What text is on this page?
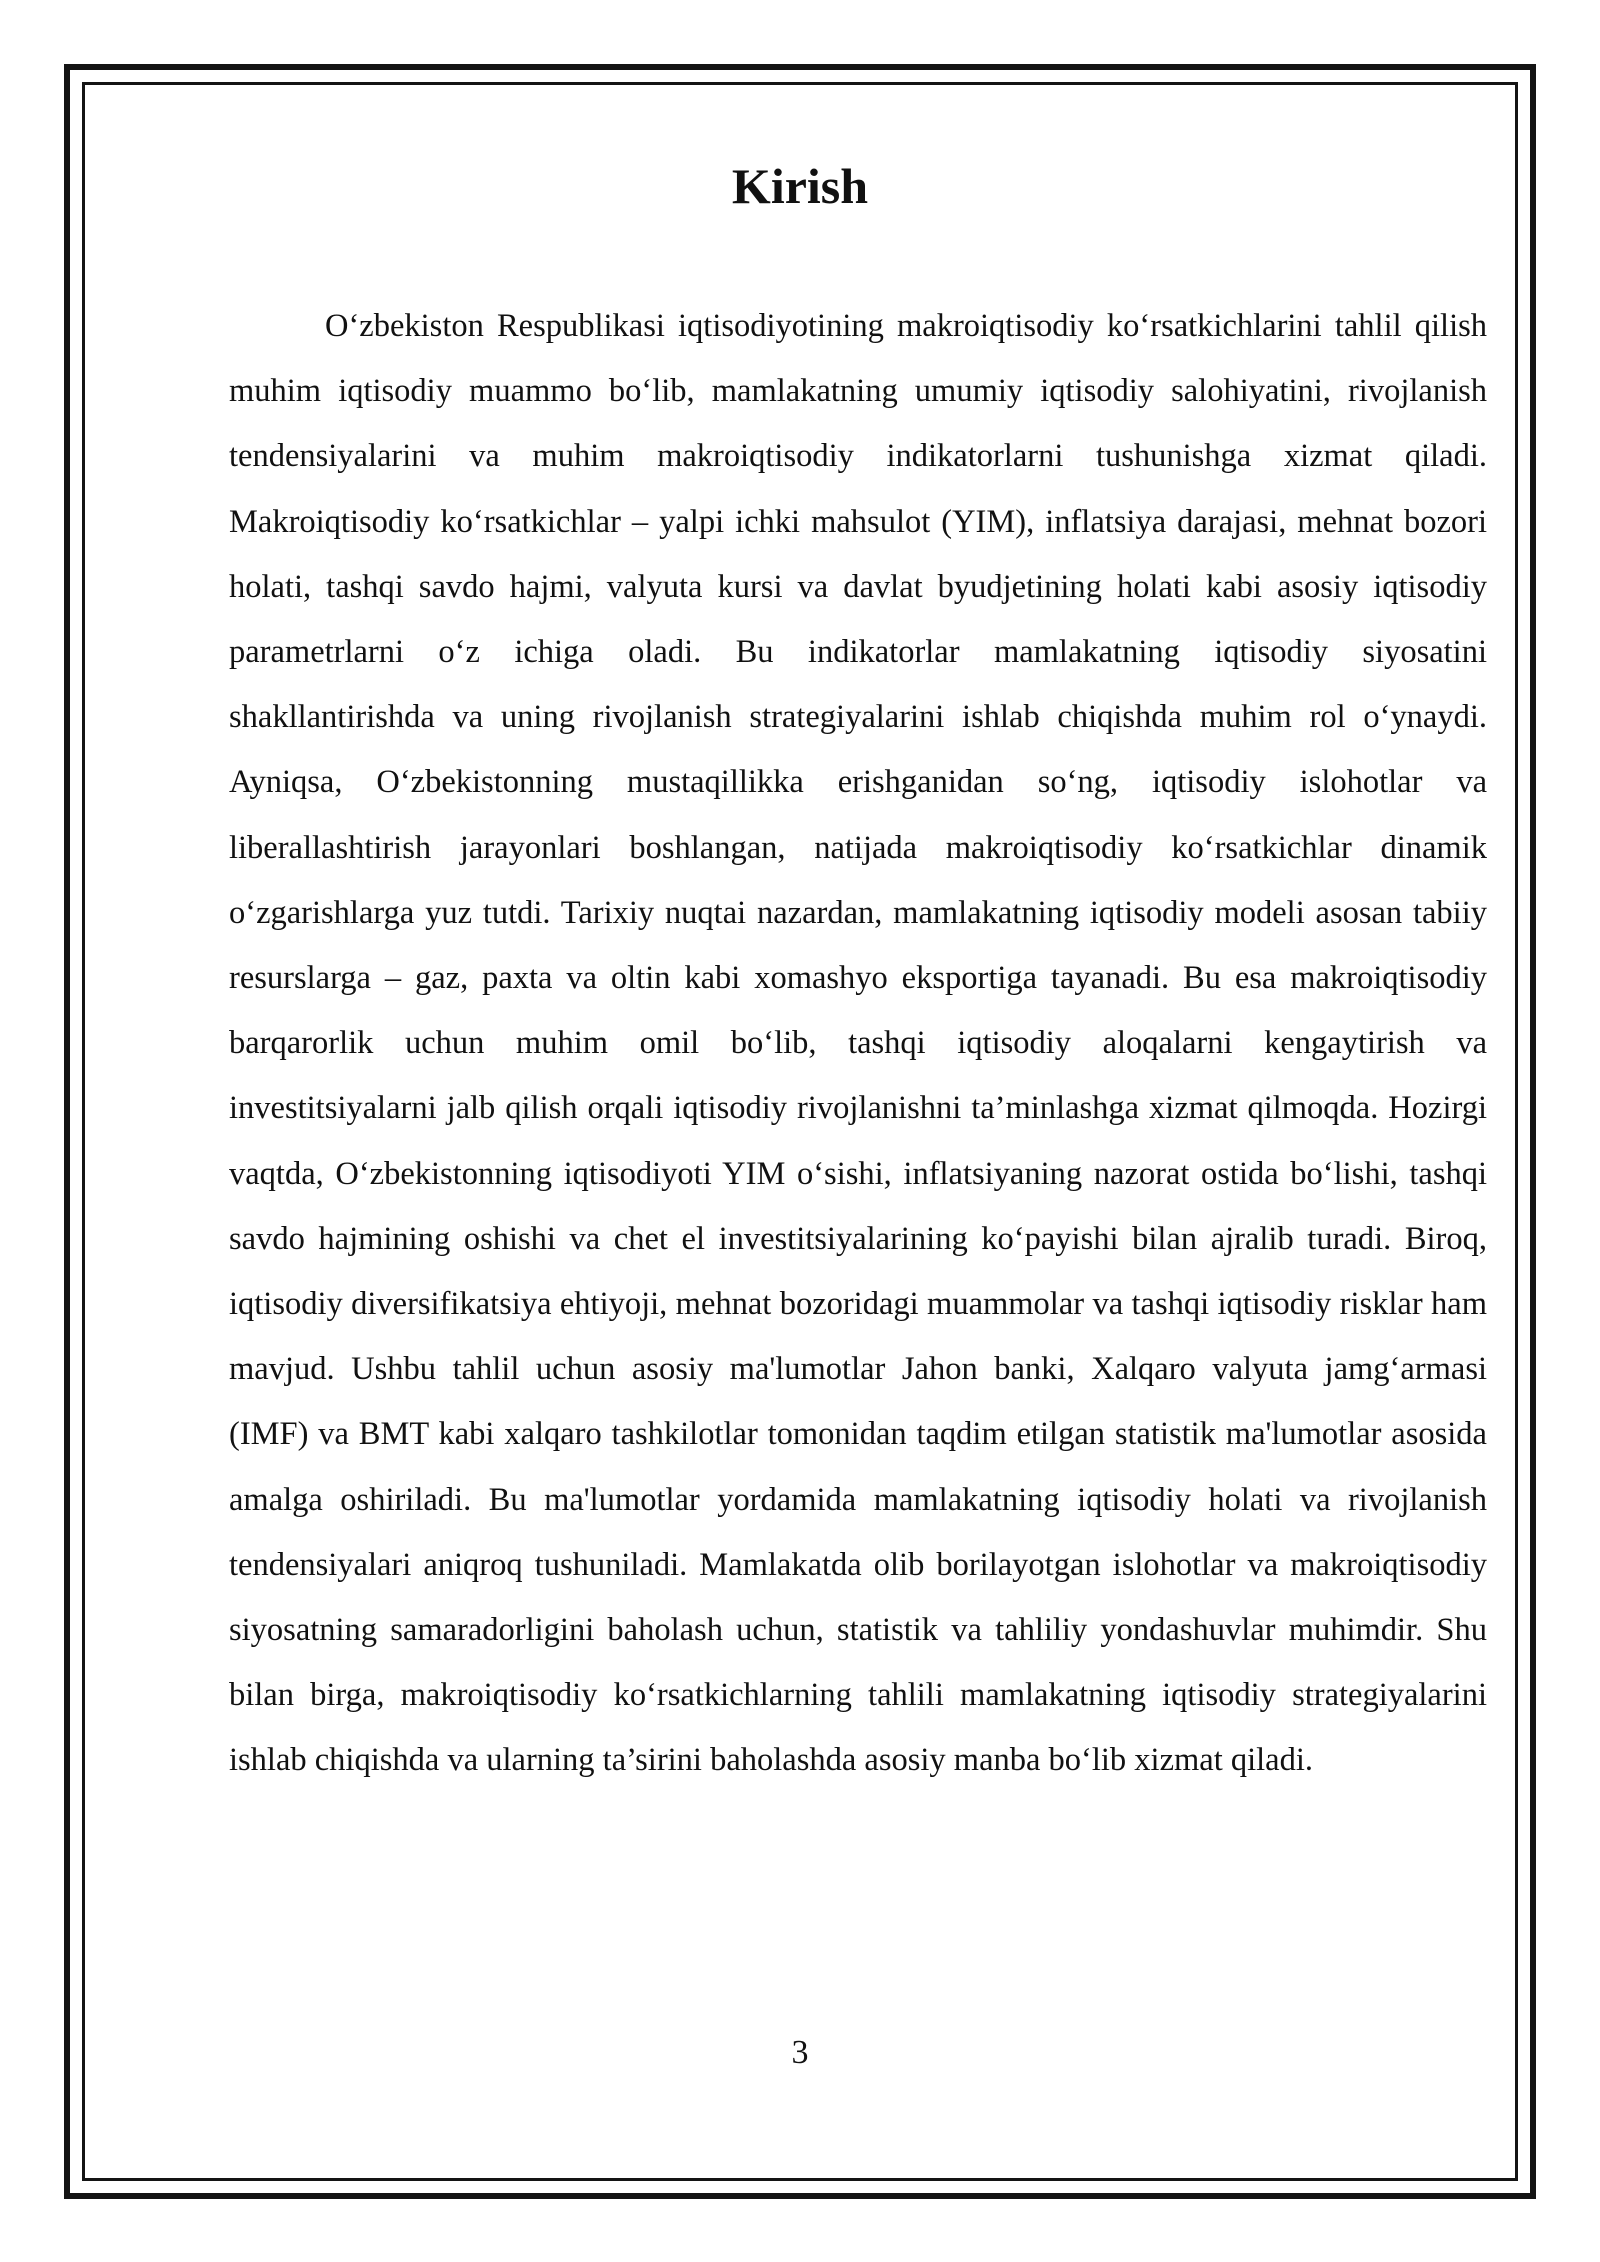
Kirish

O‘zbekiston Respublikasi iqtisodiyotining makroiqtisodiy ko‘rsatkichlarini tahlil qilish muhim iqtisodiy muammo bo‘lib, mamlakatning umumiy iqtisodiy salohiyatini, rivojlanish tendensiyalarini va muhim makroiqtisodiy indikatorlarni tushunishga xizmat qiladi. Makroiqtisodiy ko‘rsatkichlar – yalpi ichki mahsulot (YIM), inflatsiya darajasi, mehnat bozori holati, tashqi savdo hajmi, valyuta kursi va davlat byudjetining holati kabi asosiy iqtisodiy parametrlarni o‘z ichiga oladi. Bu indikatorlar mamlakatning iqtisodiy siyosatini shakllantirishda va uning rivojlanish strategiyalarini ishlab chiqishda muhim rol o‘ynaydi. Ayniqsa, O‘zbekistonning mustaqillikka erishganidan so‘ng, iqtisodiy islohotlar va liberallashtirish jarayonlari boshlangan, natijada makroiqtisodiy ko‘rsatkichlar dinamik o‘zgarishlarga yuz tutdi. Tarixiy nuqtai nazardan, mamlakatning iqtisodiy modeli asosan tabiiy resurslarga – gaz, paxta va oltin kabi xomashyo eksportiga tayanadi. Bu esa makroiqtisodiy barqarorlik uchun muhim omil bo‘lib, tashqi iqtisodiy aloqalarni kengaytirish va investitsiyalarni jalb qilish orqali iqtisodiy rivojlanishni ta’minlashga xizmat qilmoqda. Hozirgi vaqtda, O‘zbekistonning iqtisodiyoti YIM o‘sishi, inflatsiyaning nazorat ostida bo‘lishi, tashqi savdo hajmining oshishi va chet el investitsiyalarining ko‘payishi bilan ajralib turadi. Biroq, iqtisodiy diversifikatsiya ehtiyoji, mehnat bozoridagi muammolar va tashqi iqtisodiy risklar ham mavjud. Ushbu tahlil uchun asosiy ma'lumotlar Jahon banki, Xalqaro valyuta jamg‘armasi (IMF) va BMT kabi xalqaro tashkilotlar tomonidan taqdim etilgan statistik ma'lumotlar asosida amalga oshiriladi. Bu ma'lumotlar yordamida mamlakatning iqtisodiy holati va rivojlanish tendensiyalari aniqroq tushuniladi. Mamlakatda olib borilayotgan islohotlar va makroiqtisodiy siyosatning samaradorligini baholash uchun, statistik va tahliliy yondashuvlar muhimdir. Shu bilan birga, makroiqtisodiy ko‘rsatkichlarning tahlili mamlakatning iqtisodiy strategiyalarini ishlab chiqishda va ularning ta’sirini baholashda asosiy manba bo‘lib xizmat qiladi.

3
